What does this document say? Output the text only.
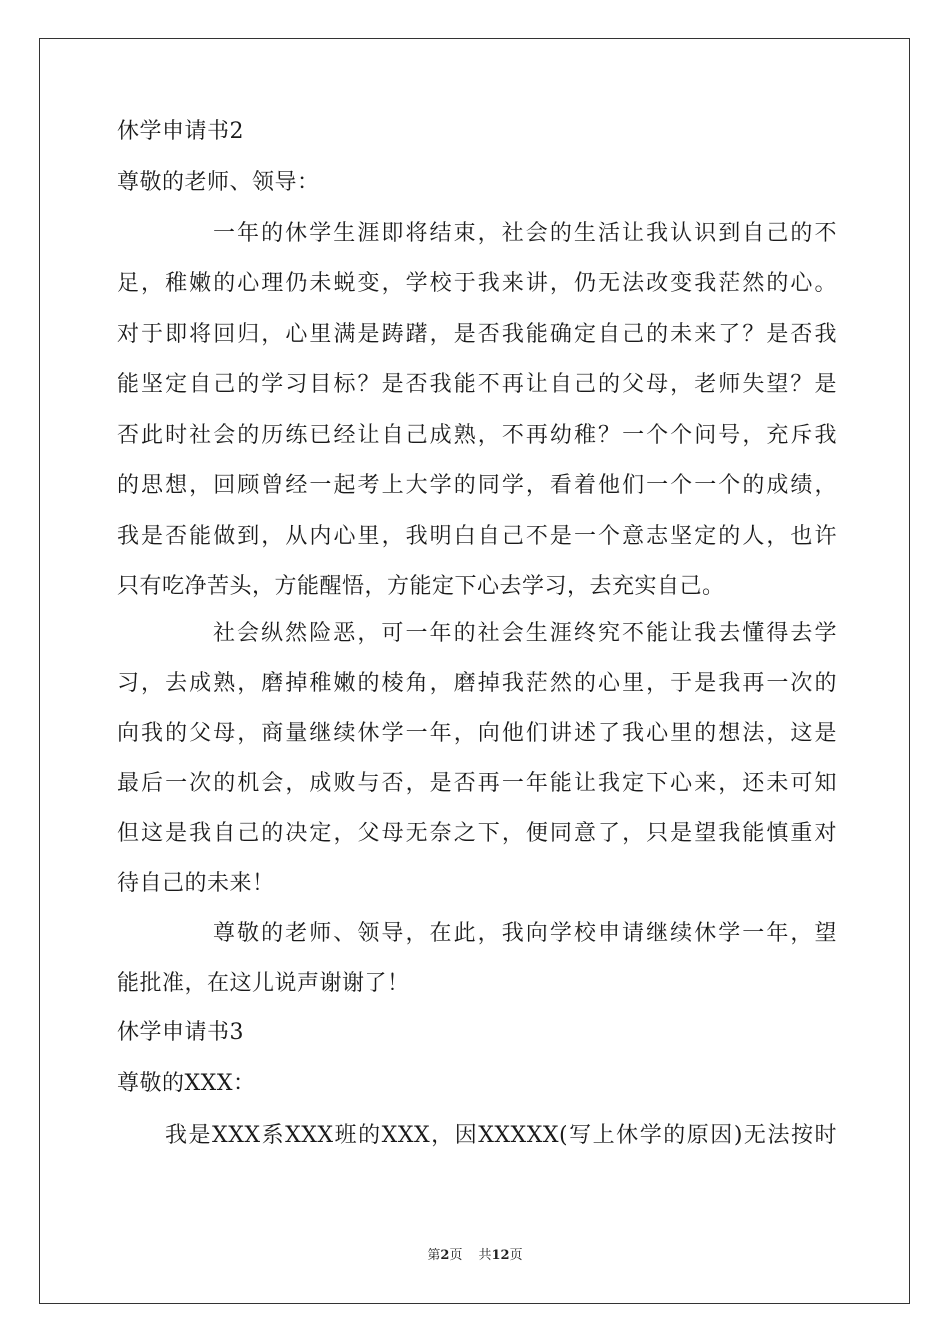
休学申请书2
尊敬的老师、领导：
一年的休学生涯即将结束，社会的生活让我认识到自己的不
足，稚嫩的心理仍未蜕变，学校于我来讲，仍无法改变我茫然的心。
对于即将回归，心里满是踌躇，是否我能确定自己的未来了？是否我
能坚定自己的学习目标？是否我能不再让自己的父母，老师失望？是
否此时社会的历练已经让自己成熟，不再幼稚？一个个问号，充斥我
的思想，回顾曾经一起考上大学的同学，看着他们一个一个的成绩，
我是否能做到，从内心里，我明白自己不是一个意志坚定的人，也许
只有吃净苦头，方能醒悟，方能定下心去学习，去充实自己。
社会纵然险恶，可一年的社会生涯终究不能让我去懂得去学
习，去成熟，磨掉稚嫩的棱角，磨掉我茫然的心里，于是我再一次的
向我的父母，商量继续休学一年，向他们讲述了我心里的想法，这是
最后一次的机会，成败与否，是否再一年能让我定下心来，还未可知
但这是我自己的决定，父母无奈之下，便同意了，只是望我能慎重对
待自己的未来！
尊敬的老师、领导，在此，我向学校申请继续休学一年，望
能批准，在这儿说声谢谢了！
休学申请书3
尊敬的XXX：
我是XXX系XXX班的XXX，因XXXXX(写上休学的原因)无法按时
第2页 共12页
